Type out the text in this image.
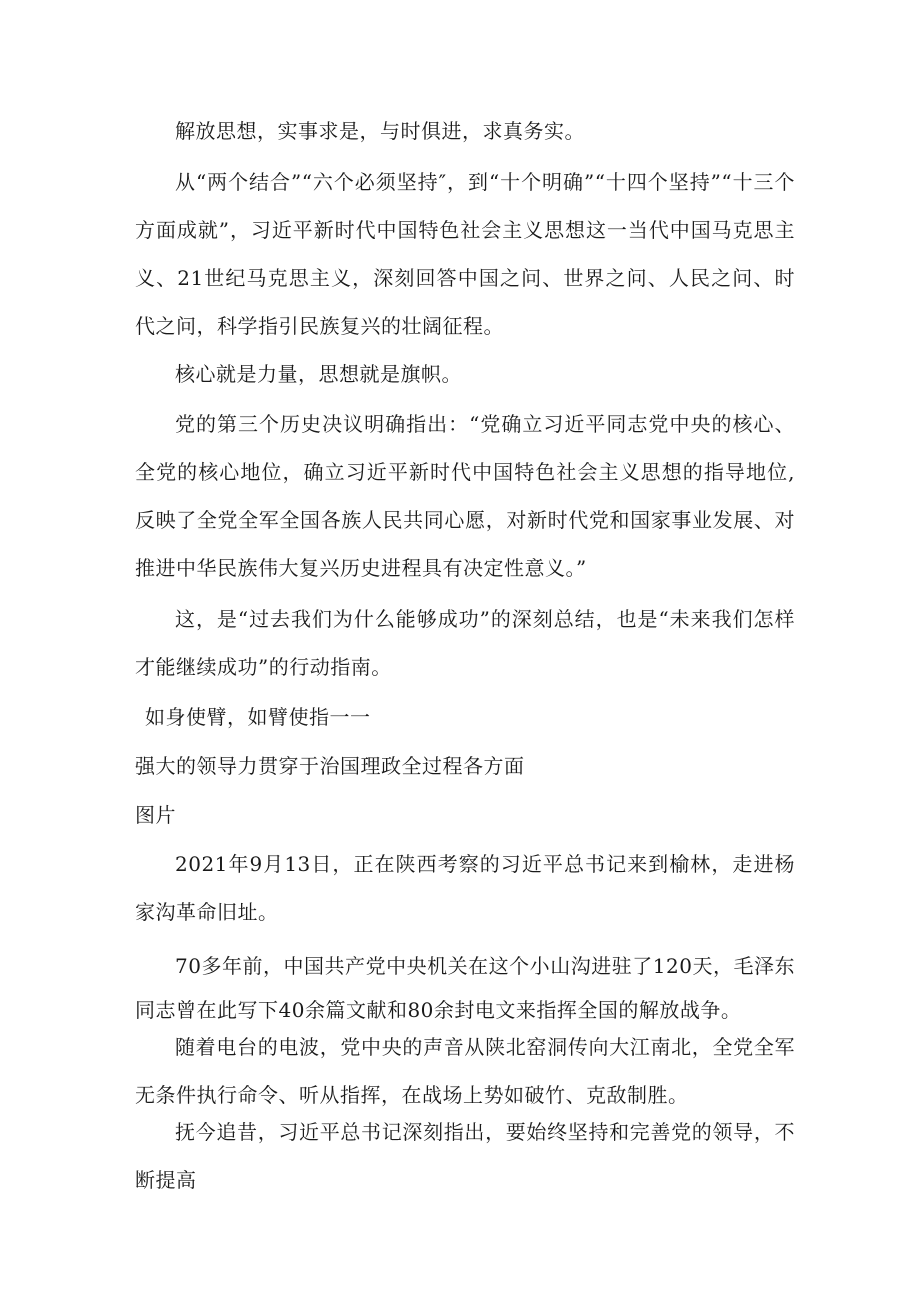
解放思想，实事求是，与时俱进，求真务实。

从“两个结合”“六个必须坚持″，到“十个明确”“十四个坚持”“十三个方面成就”，习近平新时代中国特色社会主义思想这一当代中国马克思主义、21世纪马克思主义，深刻回答中国之问、世界之问、人民之问、时代之问，科学指引民族复兴的壮阔征程。

核心就是力量，思想就是旗帜。

党的第三个历史决议明确指出：“党确立习近平同志党中央的核心、全党的核心地位，确立习近平新时代中国特色社会主义思想的指导地位,反映了全党全军全国各族人民共同心愿，对新时代党和国家事业发展、对推进中华民族伟大复兴历史进程具有决定性意义。”

这，是“过去我们为什么能够成功”的深刻总结，也是“未来我们怎样才能继续成功”的行动指南。

如身使臂，如臂使指一一

强大的领导力贯穿于治国理政全过程各方面

图片

2021年9月13日，正在陕西考察的习近平总书记来到榆林，走进杨家沟革命旧址。

70多年前，中国共产党中央机关在这个小山沟进驻了120天，毛泽东同志曾在此写下40余篇文献和80余封电文来指挥全国的解放战争。

随着电台的电波，党中央的声音从陕北窑洞传向大江南北，全党全军无条件执行命令、听从指挥，在战场上势如破竹、克敌制胜。

抚今追昔，习近平总书记深刻指出，要始终坚持和完善党的领导，不断提高
